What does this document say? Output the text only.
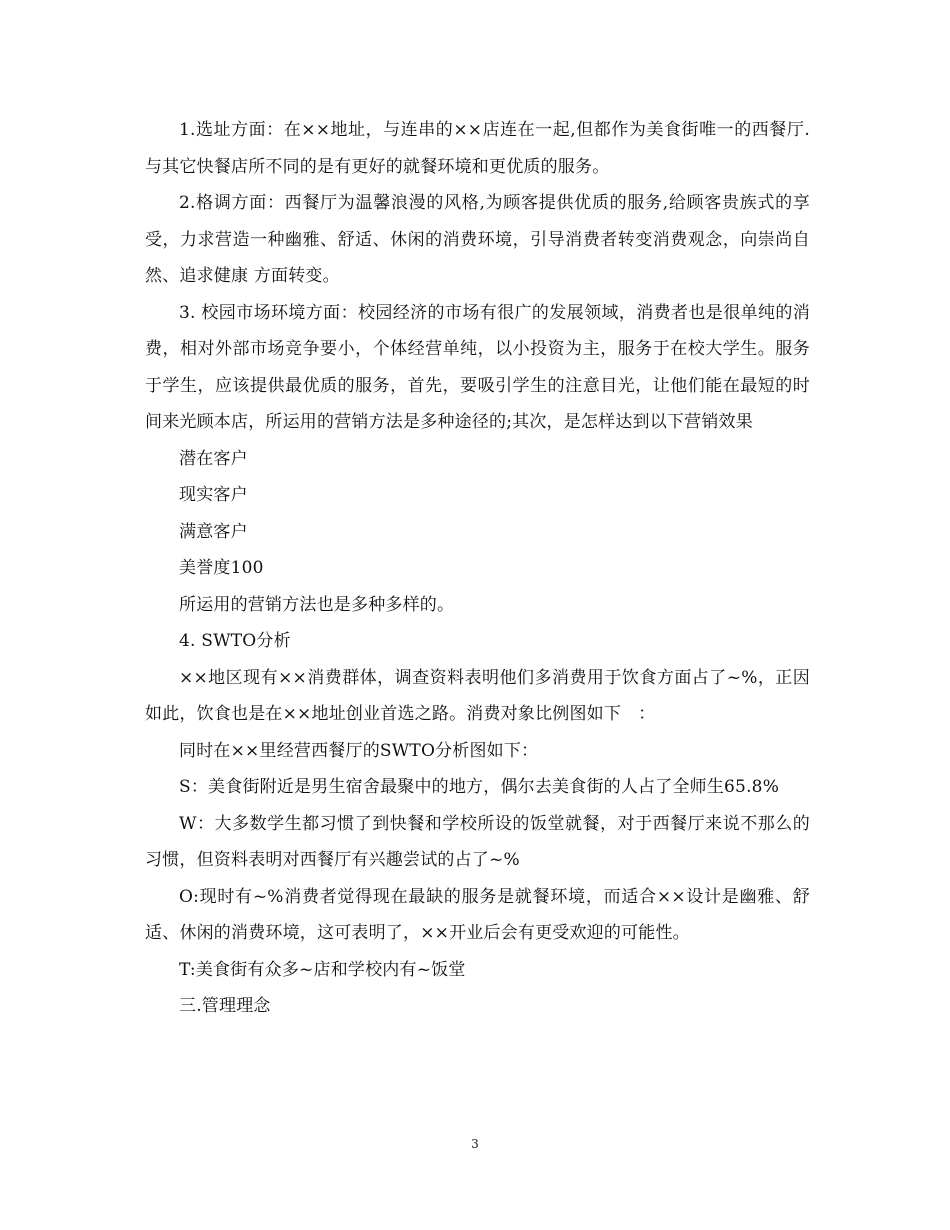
1.选址方面：在××地址，与连串的××店连在一起,但都作为美食街唯一的西餐厅.与其它快餐店所不同的是有更好的就餐环境和更优质的服务。

2.格调方面：西餐厅为温馨浪漫的风格,为顾客提供优质的服务,给顾客贵族式的享受，力求营造一种幽雅、舒适、休闲的消费环境，引导消费者转变消费观念，向崇尚自然、追求健康 方面转变。

3. 校园市场环境方面：校园经济的市场有很广的发展领域，消费者也是很单纯的消费，相对外部市场竞争要小，个体经营单纯，以小投资为主，服务于在校大学生。服务于学生，应该提供最优质的服务，首先，要吸引学生的注意目光，让他们能在最短的时间来光顾本店，所运用的营销方法是多种途径的;其次，是怎样达到以下营销效果

潜在客户

现实客户

满意客户

美誉度100

所运用的营销方法也是多种多样的。

4. SWTO分析

××地区现有××消费群体，调查资料表明他们多消费用于饮食方面占了~%，正因如此，饮食也是在××地址创业首选之路。消费对象比例图如下　：

同时在××里经营西餐厅的SWTO分析图如下：

S：美食街附近是男生宿舍最聚中的地方，偶尔去美食街的人占了全师生65.8%

W：大多数学生都习惯了到快餐和学校所设的饭堂就餐，对于西餐厅来说不那么的习惯，但资料表明对西餐厅有兴趣尝试的占了~%

O:现时有~%消费者觉得现在最缺的服务是就餐环境，而适合××设计是幽雅、舒适、休闲的消费环境，这可表明了，××开业后会有更受欢迎的可能性。

T:美食街有众多~店和学校内有~饭堂

三.管理理念

3
